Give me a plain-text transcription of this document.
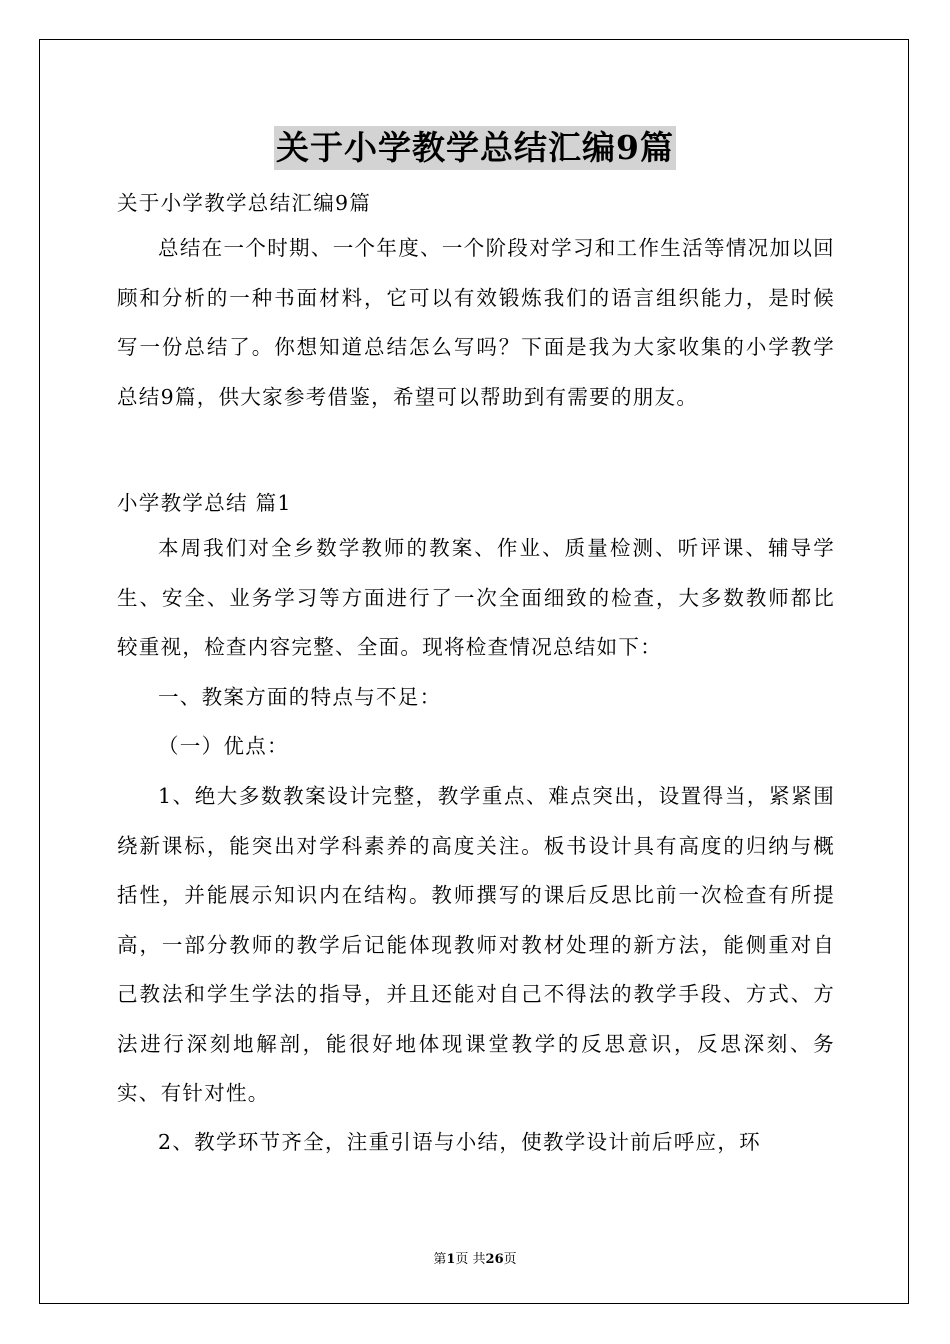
关于小学教学总结汇编9篇
关于小学教学总结汇编9篇
总结在一个时期、一个年度、一个阶段对学习和工作生活等情况加以回顾和分析的一种书面材料，它可以有效锻炼我们的语言组织能力，是时候写一份总结了。你想知道总结怎么写吗？下面是我为大家收集的小学教学总结9篇，供大家参考借鉴，希望可以帮助到有需要的朋友。
小学教学总结 篇1
本周我们对全乡数学教师的教案、作业、质量检测、听评课、辅导学生、安全、业务学习等方面进行了一次全面细致的检查，大多数教师都比较重视，检查内容完整、全面。现将检查情况总结如下：
一、教案方面的特点与不足：
（一）优点：
1、绝大多数教案设计完整，教学重点、难点突出，设置得当，紧紧围绕新课标，能突出对学科素养的高度关注。板书设计具有高度的归纳与概括性，并能展示知识内在结构。教师撰写的课后反思比前一次检查有所提高，一部分教师的教学后记能体现教师对教材处理的新方法，能侧重对自己教法和学生学法的指导，并且还能对自己不得法的教学手段、方式、方法进行深刻地解剖，能很好地体现课堂教学的反思意识，反思深刻、务实、有针对性。
2、教学环节齐全，注重引语与小结，使教学设计前后呼应，环
第1页 共26页
